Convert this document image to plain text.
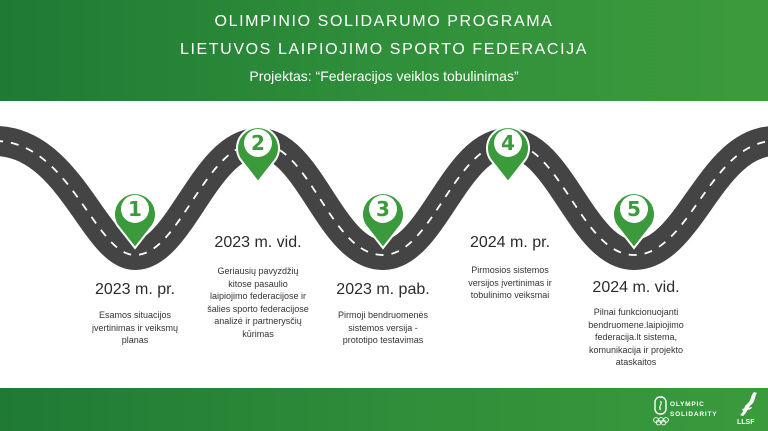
OLIMPINIO SOLIDARUMO PROGRAMA
LIETUVOS LAIPIOJIMO SPORTO FEDERACIJA
Projektas: “Federacijos veiklos tobulinimas”
1
2
3
4
5
2023 m. pr.
2023 m. vid.
2023 m. pab.
2024 m. pr.
2024 m. vid.
Esamos situacijos
įvertinimas ir veiksmų
planas
Geriausių pavyzdžių
kitose pasaulio
laipiojimo federacijose ir
šalies sporto federacijose
analizė ir partnerysčių
kūrimas
Pirmoji bendruomenės
sistemos versija -
prototipo testavimas
Pirmosios sistemos
versijos įvertinimas ir
tobulinimo veiksmai
Pilnai funkcionuojanti
bendruomene.laipiojimo
federacija.lt sistema,
komunikacija ir projekto
ataskaitos
OLYMPIC
SOLIDARITY
LLSF
